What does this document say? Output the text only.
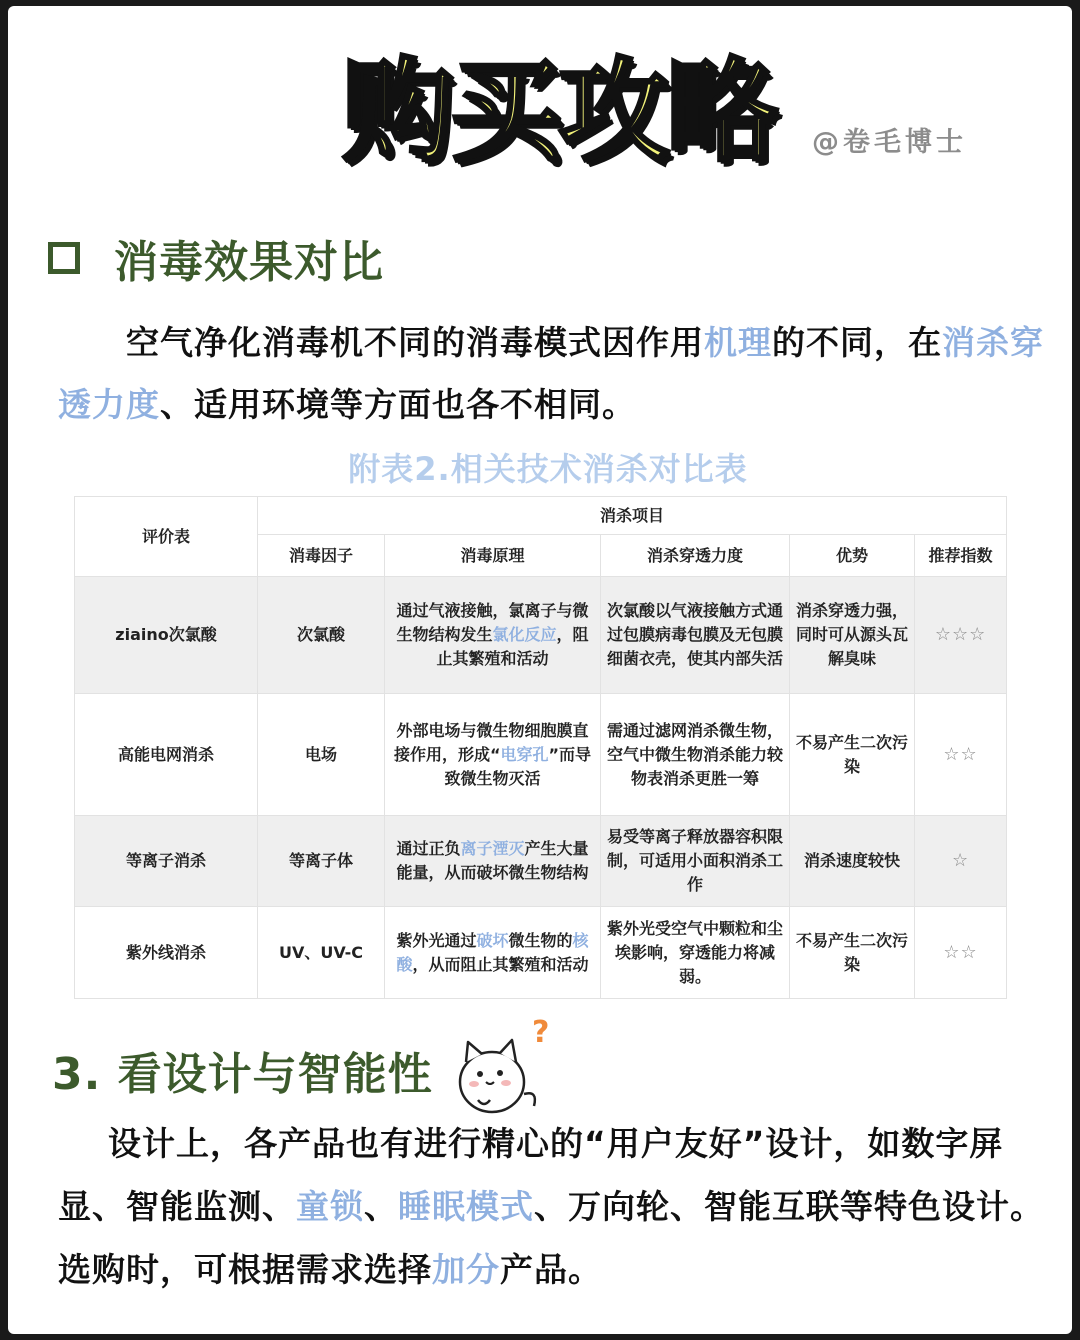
购买攻略	@卷毛博士
消毒效果对比
空气净化消毒机不同的消毒模式因作用机理的不同，在消杀穿透力度、适用环境等方面也各不相同。
附表2.相关技术消杀对比表
评价表	消杀项目				
	消毒因子	消毒原理	消杀穿透力度	优势	推荐指数
ziaino次氯酸	次氯酸	通过气液接触，氯离子与微生物结构发生氯化反应，阻止其繁殖和活动	次氯酸以气液接触方式通过包膜病毒包膜及无包膜细菌衣壳，使其内部失活	消杀穿透力强，同时可从源头瓦解臭味	☆☆☆
高能电网消杀	电场	外部电场与微生物细胞膜直接作用，形成“电穿孔”而导致微生物灭活	需通过滤网消杀微生物，空气中微生物消杀能力较物表消杀更胜一筹	不易产生二次污染	☆☆
等离子消杀	等离子体	通过正负离子湮灭产生大量能量，从而破坏微生物结构	易受等离子释放器容积限制，可适用小面积消杀工作	消杀速度较快	☆
紫外线消杀	UV、UV-C	紫外光通过破坏微生物的核酸，从而阻止其繁殖和活动	紫外光受空气中颗粒和尘埃影响，穿透能力将减弱。	不易产生二次污染	☆☆
3. 看设计与智能性
?
设计上，各产品也有进行精心的“用户友好”设计，如数字屏显、智能监测、童锁、睡眠模式、万向轮、智能互联等特色设计。选购时，可根据需求选择加分产品。
